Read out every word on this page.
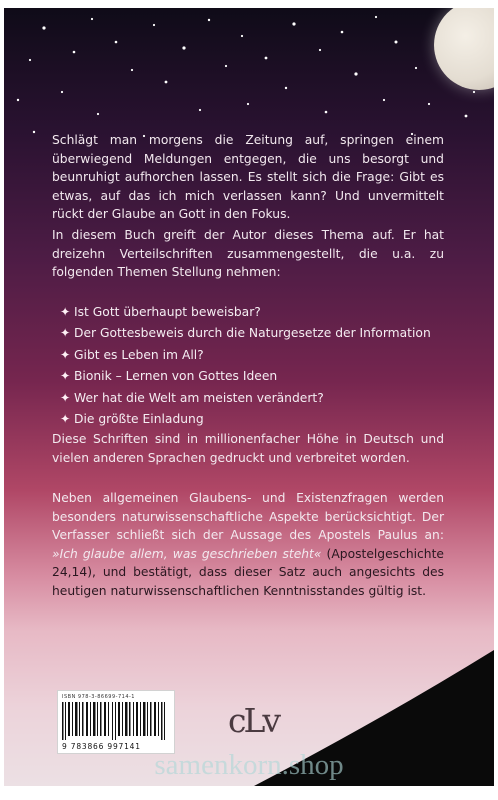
Schlägt man morgens die Zeitung auf, springen einem überwiegend Meldungen entgegen, die uns besorgt und beunruhigt aufhorchen lassen. Es stellt sich die Frage: Gibt es etwas, auf das ich mich verlassen kann? Und unvermittelt rückt der Glaube an Gott in den Fokus.

In diesem Buch greift der Autor dieses Thema auf. Er hat dreizehn Verteilschriften zusammengestellt, die u.a. zu folgenden Themen Stellung nehmen:

✦ Ist Gott überhaupt beweisbar?
✦ Der Gottesbeweis durch die Naturgesetze der Information
✦ Gibt es Leben im All?
✦ Bionik – Lernen von Gottes Ideen
✦ Wer hat die Welt am meisten verändert?
✦ Die größte Einladung

Diese Schriften sind in millionenfacher Höhe in Deutsch und vielen anderen Sprachen gedruckt und verbreitet worden.

Neben allgemeinen Glaubens- und Existenzfragen werden besonders naturwissenschaftliche Aspekte berücksichtigt. Der Verfasser schließt sich der Aussage des Apostels Paulus an: »Ich glaube allem, was geschrieben steht« (Apostelgeschichte 24,14), und bestätigt, dass dieser Satz auch angesichts des heutigen naturwissenschaftlichen Kenntnisstandes gültig ist.

ISBN 978-3-86699-714-1
9 783866 997141
cLv
samenkorn.shop
